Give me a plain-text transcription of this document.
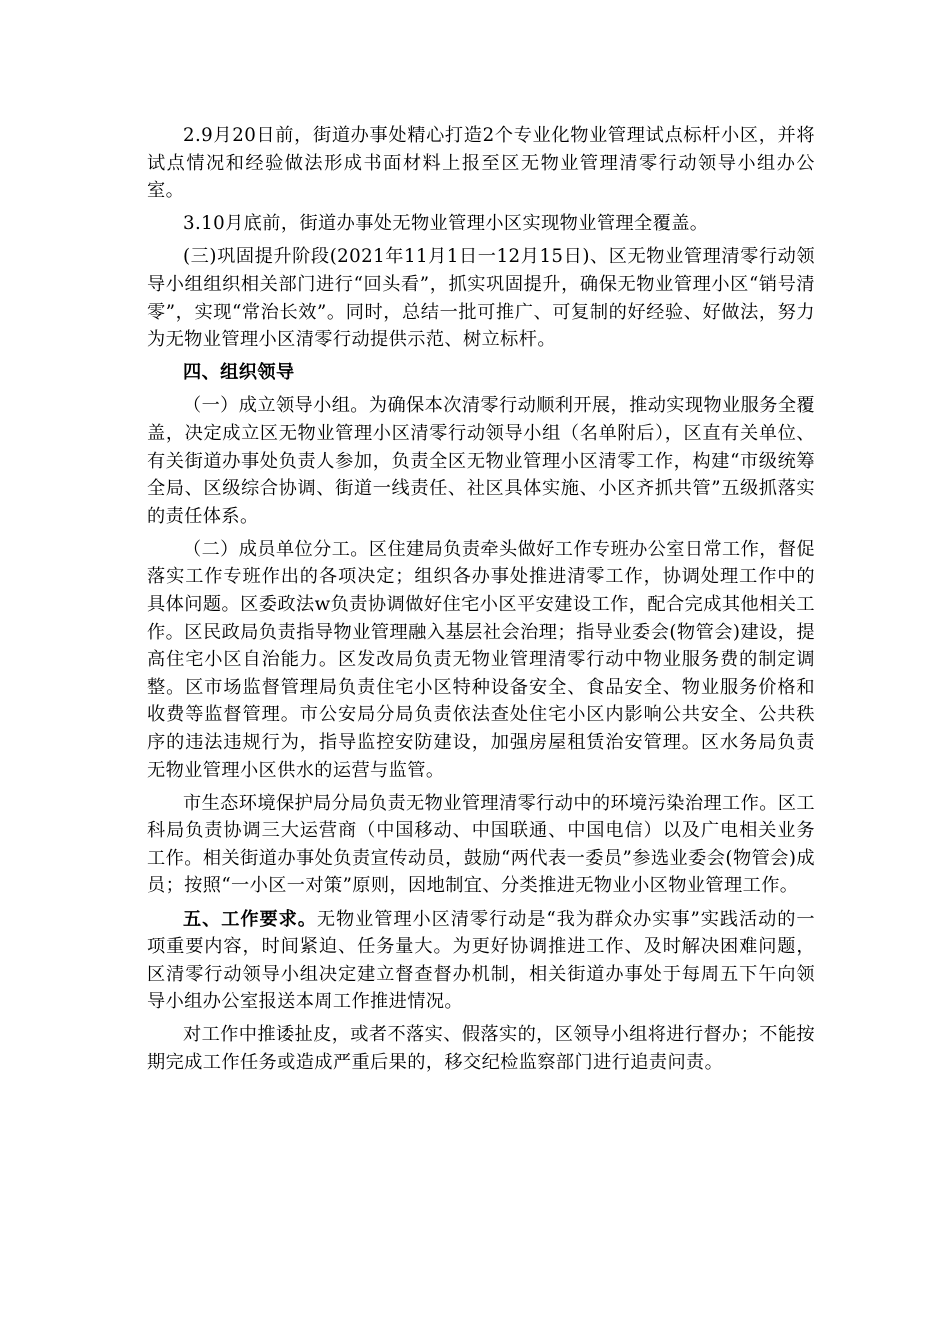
2.9月20日前，街道办事处精心打造2个专业化物业管理试点标杆小区，并将试点情况和经验做法形成书面材料上报至区无物业管理清零行动领导小组办公室。

3.10月底前，街道办事处无物业管理小区实现物业管理全覆盖。

(三)巩固提升阶段(2021年11月1日一12月15日)、区无物业管理清零行动领导小组组织相关部门进行“回头看”，抓实巩固提升，确保无物业管理小区“销号清零”，实现“常治长效”。同时，总结一批可推广、可复制的好经验、好做法，努力为无物业管理小区清零行动提供示范、树立标杆。

四、组织领导

（一）成立领导小组。为确保本次清零行动顺利开展，推动实现物业服务全覆盖，决定成立区无物业管理小区清零行动领导小组（名单附后），区直有关单位、有关街道办事处负责人参加，负责全区无物业管理小区清零工作，构建“市级统筹全局、区级综合协调、街道一线责任、社区具体实施、小区齐抓共管”五级抓落实的责任体系。

（二）成员单位分工。区住建局负责牵头做好工作专班办公室日常工作，督促落实工作专班作出的各项决定；组织各办事处推进清零工作，协调处理工作中的具体问题。区委政法w负责协调做好住宅小区平安建设工作，配合完成其他相关工作。区民政局负责指导物业管理融入基层社会治理；指导业委会(物管会)建设，提高住宅小区自治能力。区发改局负责无物业管理清零行动中物业服务费的制定调整。区市场监督管理局负责住宅小区特种设备安全、食品安全、物业服务价格和收费等监督管理。市公安局分局负责依法查处住宅小区内影响公共安全、公共秩序的违法违规行为，指导监控安防建设，加强房屋租赁治安管理。区水务局负责无物业管理小区供水的运营与监管。

市生态环境保护局分局负责无物业管理清零行动中的环境污染治理工作。区工科局负责协调三大运营商（中国移动、中国联通、中国电信）以及广电相关业务工作。相关街道办事处负责宣传动员，鼓励“两代表一委员”参选业委会(物管会)成员；按照“一小区一对策”原则，因地制宜、分类推进无物业小区物业管理工作。

五、工作要求。无物业管理小区清零行动是“我为群众办实事”实践活动的一项重要内容，时间紧迫、任务量大。为更好协调推进工作、及时解决困难问题，区清零行动领导小组决定建立督查督办机制，相关街道办事处于每周五下午向领导小组办公室报送本周工作推进情况。

对工作中推诿扯皮，或者不落实、假落实的，区领导小组将进行督办；不能按期完成工作任务或造成严重后果的，移交纪检监察部门进行追责问责。
